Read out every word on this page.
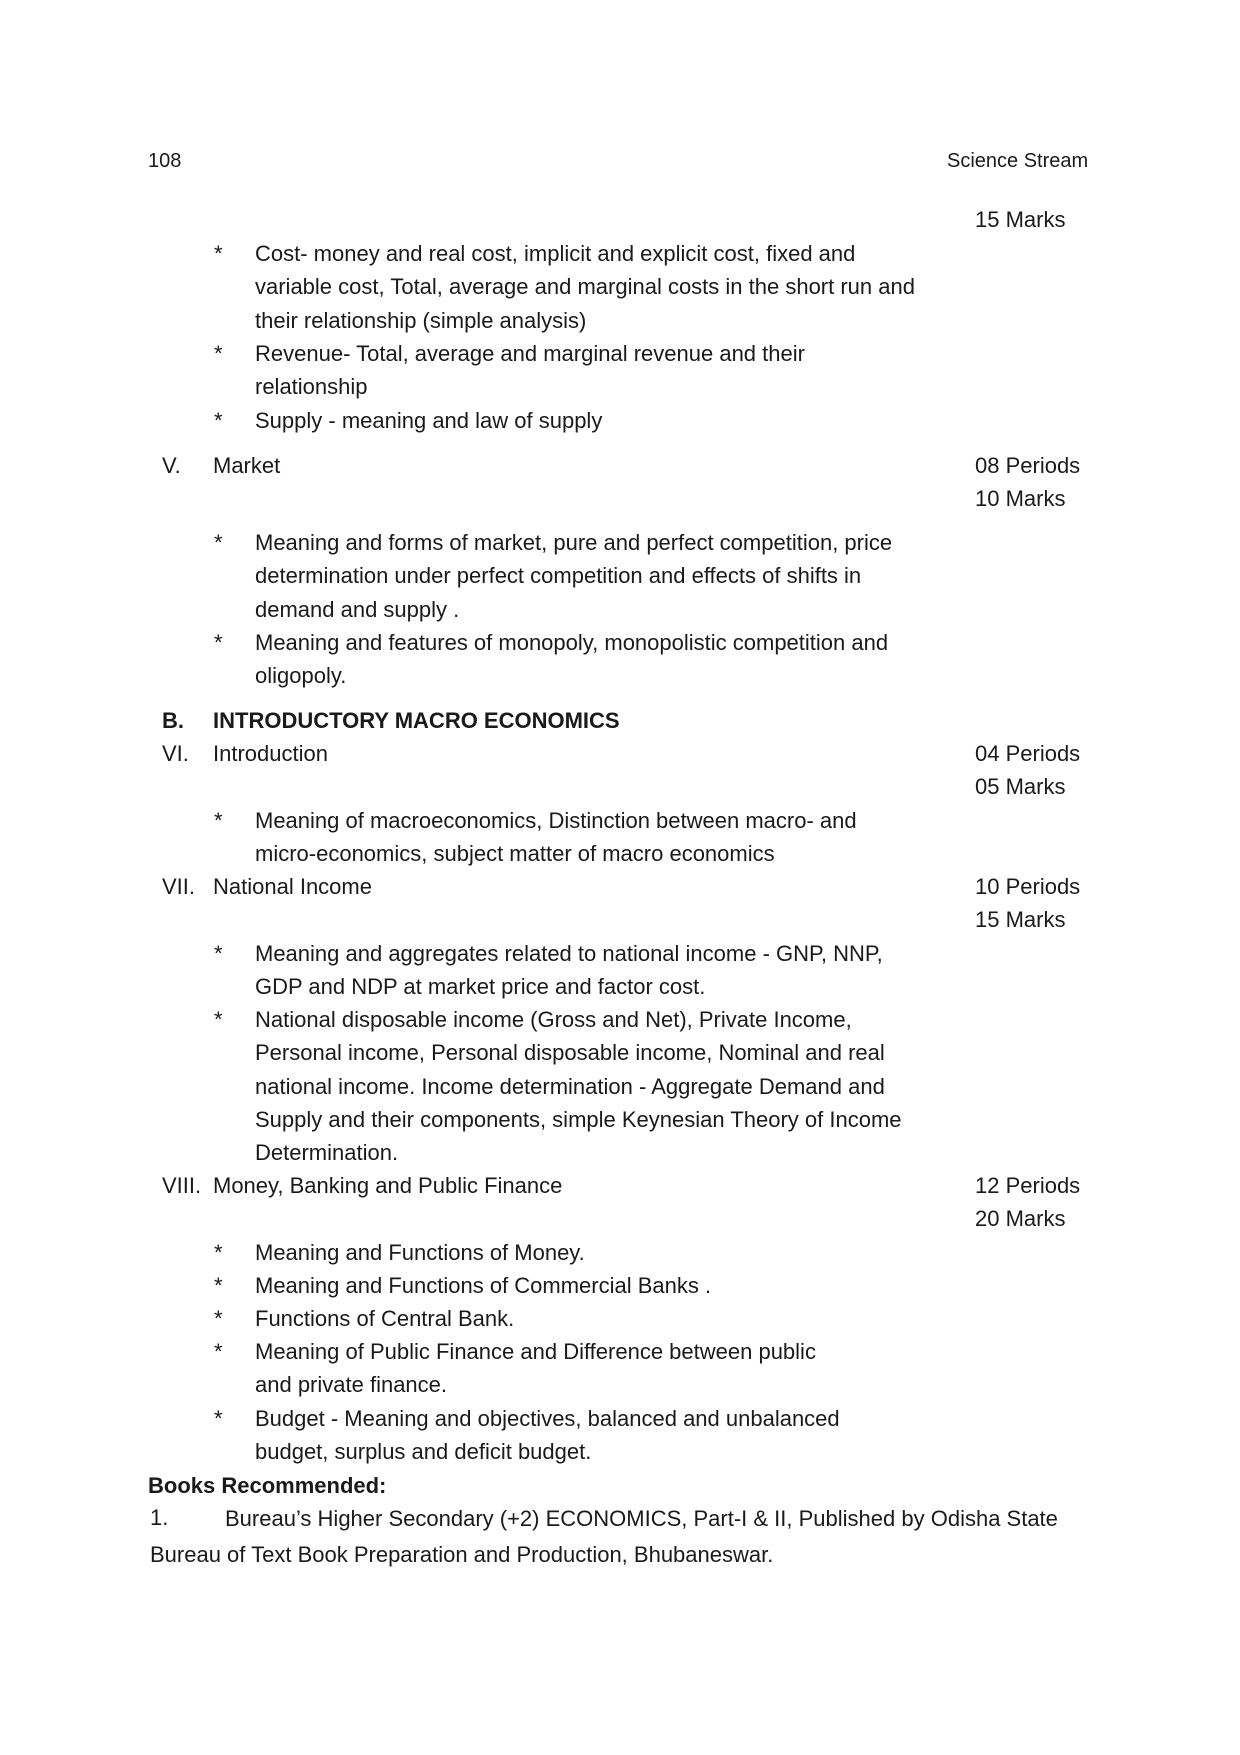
108	Science Stream
15 Marks
* Cost- money and real cost, implicit and explicit cost, fixed and variable cost, Total, average and marginal costs in the short run and their relationship (simple analysis)
* Revenue- Total, average and marginal revenue and their relationship
* Supply - meaning and law of supply
V. Market	08 Periods
10 Marks
* Meaning and forms of market, pure and perfect competition, price determination under perfect competition and effects of shifts in demand and supply .
* Meaning and features of monopoly, monopolistic competition and oligopoly.
B. INTRODUCTORY MACRO ECONOMICS
VI. Introduction	04 Periods
05 Marks
* Meaning of macroeconomics, Distinction between macro- and micro-economics, subject matter of macro economics
VII. National Income	10 Periods
15 Marks
* Meaning and aggregates related to national income - GNP, NNP, GDP and NDP at market price and factor cost.
* National disposable income (Gross and Net), Private Income, Personal income, Personal disposable income, Nominal and real national income. Income determination - Aggregate Demand and Supply and their components, simple Keynesian Theory of Income Determination.
VIII. Money, Banking and Public Finance	12 Periods
20 Marks
* Meaning and Functions of Money.
* Meaning and Functions of Commercial Banks .
* Functions of Central Bank.
* Meaning of Public Finance and Difference between public and private finance.
* Budget - Meaning and objectives, balanced and unbalanced budget, surplus and deficit budget.
Books Recommended:
1.	Bureau’s Higher Secondary (+2) ECONOMICS, Part-I & II, Published by Odisha State Bureau of Text Book Preparation and Production, Bhubaneswar.
